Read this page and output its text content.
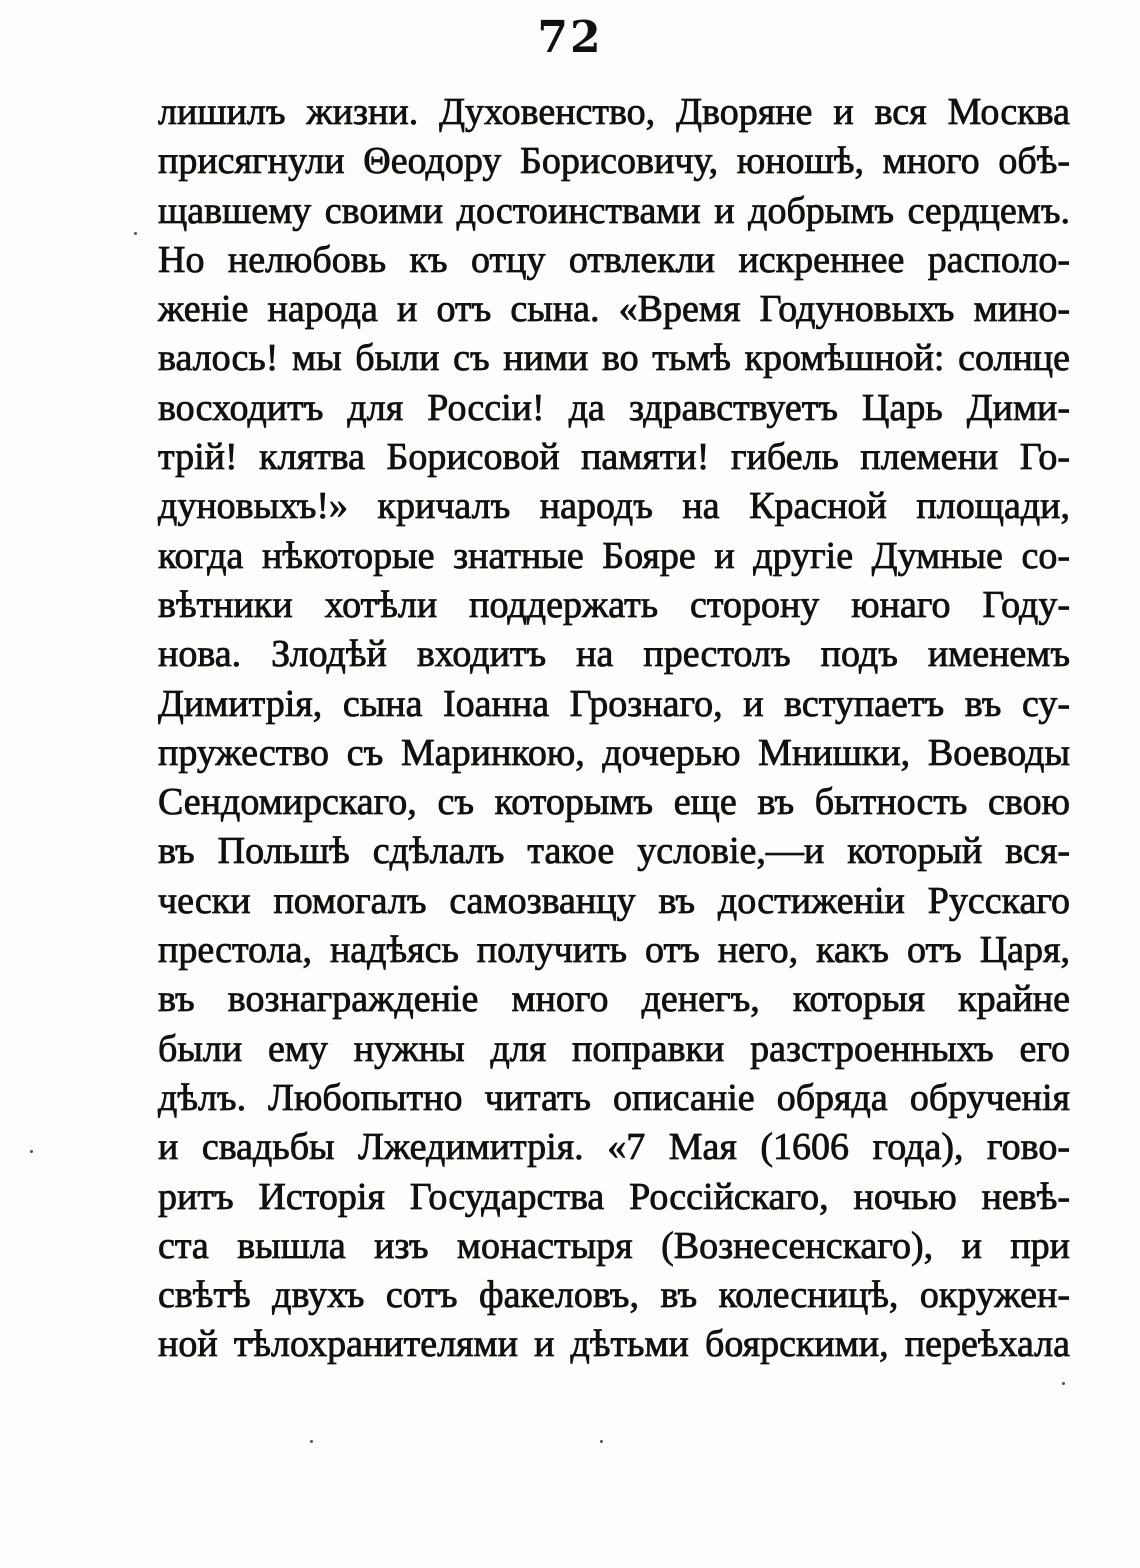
72
лишилъ жизни. Духовенство, Дворяне и вся Москва
присягнули Θеодору Борисовичу, юношѣ, много обѣ-
щавшему своими достоинствами и добрымъ сердцемъ.
Но нелюбовь къ отцу отвлекли искреннее располо-
женіе народа и отъ сына. «Время Годуновыхъ мино-
валось! мы были съ ними во тьмѣ кромѣшной: солнце
восходитъ для Россіи! да здравствуетъ Царь Дими-
трій! клятва Борисовой памяти! гибель племени Го-
дуновыхъ!» кричалъ народъ на Красной площади,
когда нѣкоторые знатные Бояре и другіе Думные со-
вѣтники хотѣли поддержать сторону юнаго Году-
нова. Злодѣй входитъ на престолъ подъ именемъ
Димитрія, сына Іоанна Грознаго, и вступаетъ въ су-
пружество съ Маринкою, дочерью Мнишки, Воеводы
Сендомирскаго, съ которымъ еще въ бытность свою
въ Польшѣ сдѣлалъ такое условіе,—и который вся-
чески помогалъ самозванцу въ достиженіи Русскаго
престола, надѣясь получить отъ него, какъ отъ Царя,
въ вознагражденіе много денегъ, которыя крайне
были ему нужны для поправки разстроенныхъ его
дѣлъ. Любопытно читать описаніе обряда обрученія
и свадьбы Лжедимитрія. «7 Мая (1606 года), гово-
ритъ Исторія Государства Россійскаго, ночью невѣ-
ста вышла изъ монастыря (Вознесенскаго), и при
свѣтѣ двухъ сотъ факеловъ, въ колесницѣ, окружен-
ной тѣлохранителями и дѣтьми боярскими, переѣхала
